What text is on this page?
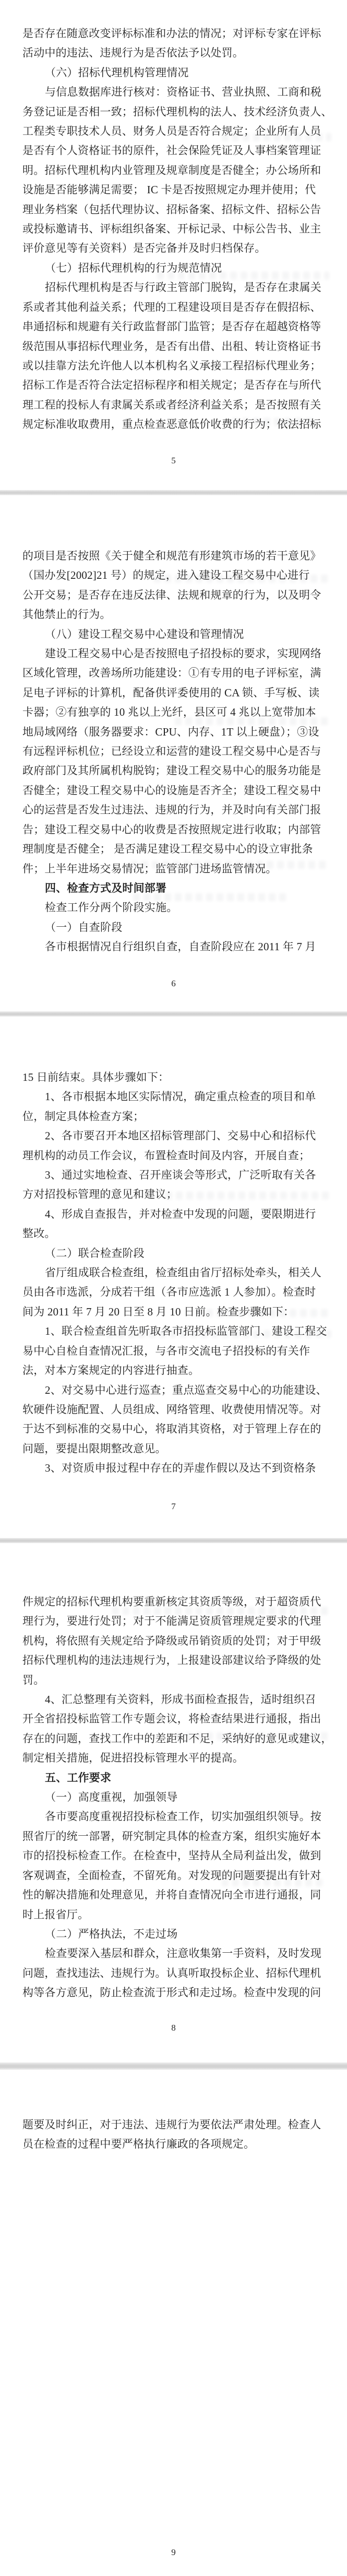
是否存在随意改变评标标准和办法的情况；对评标专家在评标
活动中的违法、违规行为是否依法予以处罚。
（六）招标代理机构管理情况
与信息数据库进行核对：资格证书、营业执照、工商和税
务登记证是否相一致；招标代理机构的法人、技术经济负责人、
工程类专职技术人员、财务人员是否符合规定；企业所有人员
是否有个人资格证书的原件，社会保险凭证及人事档案管理证
明。招标代理机构内业管理及规章制度是否健全；办公场所和
设施是否能够满足需要； IC 卡是否按照规定办理并使用；代
理业务档案（包括代理协议、招标备案、招标文件、招标公告
或投标邀请书、评标组织备案、开标记录、中标公告书、业主
评价意见等有关资料）是否完备并及时归档保存。
（七）招标代理机构的行为规范情况
招标代理机构是否与行政主管部门脱钩，是否存在隶属关
系或者其他利益关系；代理的工程建设项目是否存在假招标、
串通招标和规避有关行政监督部门监管；是否存在超越资格等
级范围从事招标代理业务，是否有出借、出租、转让资格证书
或以挂靠方法允许他人以本机构名义承接工程招标代理业务；
招标工作是否符合法定招标程序和相关规定；是否存在与所代
理工程的投标人有隶属关系或者经济利益关系；是否按照有关
规定标准收取费用，重点检查恶意低价收费的行为；依法招标
5
的项目是否按照《关于健全和规范有形建筑市场的若干意见》
（国办发[2002]21 号）的规定，进入建设工程交易中心进行
公开交易；是否存在违反法律、法规和规章的行为，以及明令
其他禁止的行为。
（八）建设工程交易中心建设和管理情况
建设工程交易中心是否按照电子招投标的要求，实现网络
区域化管理，改善场所功能建设：①有专用的电子评标室，满
足电子评标的计算机，配备供评委使用的 CA 锁、手写板、读
卡器；②有独享的 10 兆以上光纤，县区可 4 兆以上宽带加本
地局域网络（服务器要求：CPU、内存、1T 以上硬盘）；③设
有远程评标机位；已经设立和运营的建设工程交易中心是否与
政府部门及其所属机构脱钩；建设工程交易中心的服务功能是
否健全；建设工程交易中心的设施是否齐全；建设工程交易中
心的运营是否发生过违法、违规的行为，并及时向有关部门报
告；建设工程交易中心的收费是否按照规定进行收取；内部管
理制度是否健全； 是否满足建设工程交易中心的设立审批条
件；上半年进场交易情况；监管部门进场监管情况。
四、检查方式及时间部署
检查工作分两个阶段实施。
（一）自查阶段
各市根据情况自行组织自查，自查阶段应在 2011 年 7 月
6
15 日前结束。具体步骤如下：
1、各市根据本地区实际情况，确定重点检查的项目和单
位，制定具体检查方案；
2、各市要召开本地区招标管理部门、交易中心和招标代
理机构的动员工作会议，布置检查时间及内容，开展自查；
3、通过实地检查、召开座谈会等形式，广泛听取有关各
方对招投标管理的意见和建议；
4、形成自查报告，并对检查中发现的问题，要限期进行
整改。
（二）联合检查阶段
省厅组成联合检查组，检查组由省厅招标处牵头，相关人
员由各市选派，分成若干组（各市应选派 1 人参加）。检查时
间为 2011 年 7 月 20 日至 8 月 10 日前。检查步骤如下：
1、联合检查组首先听取各市招投标监管部门、建设工程交
易中心自检自查情况汇报，与各市交流电子招投标的有关作
法，对本方案规定的内容进行抽查。
2、对交易中心进行巡查；重点巡查交易中心的功能建设、
软硬件设施配置、人员组成、网络管理、收费使用情况等。对
于达不到标准的交易中心，将取消其资格，对于管理上存在的
问题，要提出限期整改意见。
3、对资质申报过程中存在的弄虚作假以及达不到资格条
7
件规定的招标代理机构要重新核定其资质等级，对于超资质代
理行为，要进行处罚；对于不能满足资质管理规定要求的代理
机构，将依照有关规定给予降级或吊销资质的处罚；对于甲级
招标代理机构的违法违规行为，上报建设部建议给予降级的处
罚。
4、汇总整理有关资料，形成书面检查报告，适时组织召
开全省招投标监管工作专题会议，将检查结果进行通报，指出
存在的问题，查找工作中的差距和不足，采纳好的意见或建议，
制定相关措施，促进招投标管理水平的提高。
五、工作要求
（一）高度重视，加强领导
各市要高度重视招投标检查工作，切实加强组织领导。按
照省厅的统一部署，研究制定具体的检查方案，组织实施好本
市的招投标检查工作。在检查中，坚持从全局利益出发，做到
客观调查，全面检查，不留死角。对发现的问题要提出有针对
性的解决措施和处理意见，并将自查情况向全市进行通报，同
时上报省厅。
（二）严格执法，不走过场
检查要深入基层和群众，注意收集第一手资料，及时发现
问题，查找违法、违规行为。认真听取投标企业、招标代理机
构等各方意见，防止检查流于形式和走过场。检查中发现的问
8
题要及时纠正，对于违法、违规行为要依法严肃处理。检查人
员在检查的过程中要严格执行廉政的各项规定。
9
